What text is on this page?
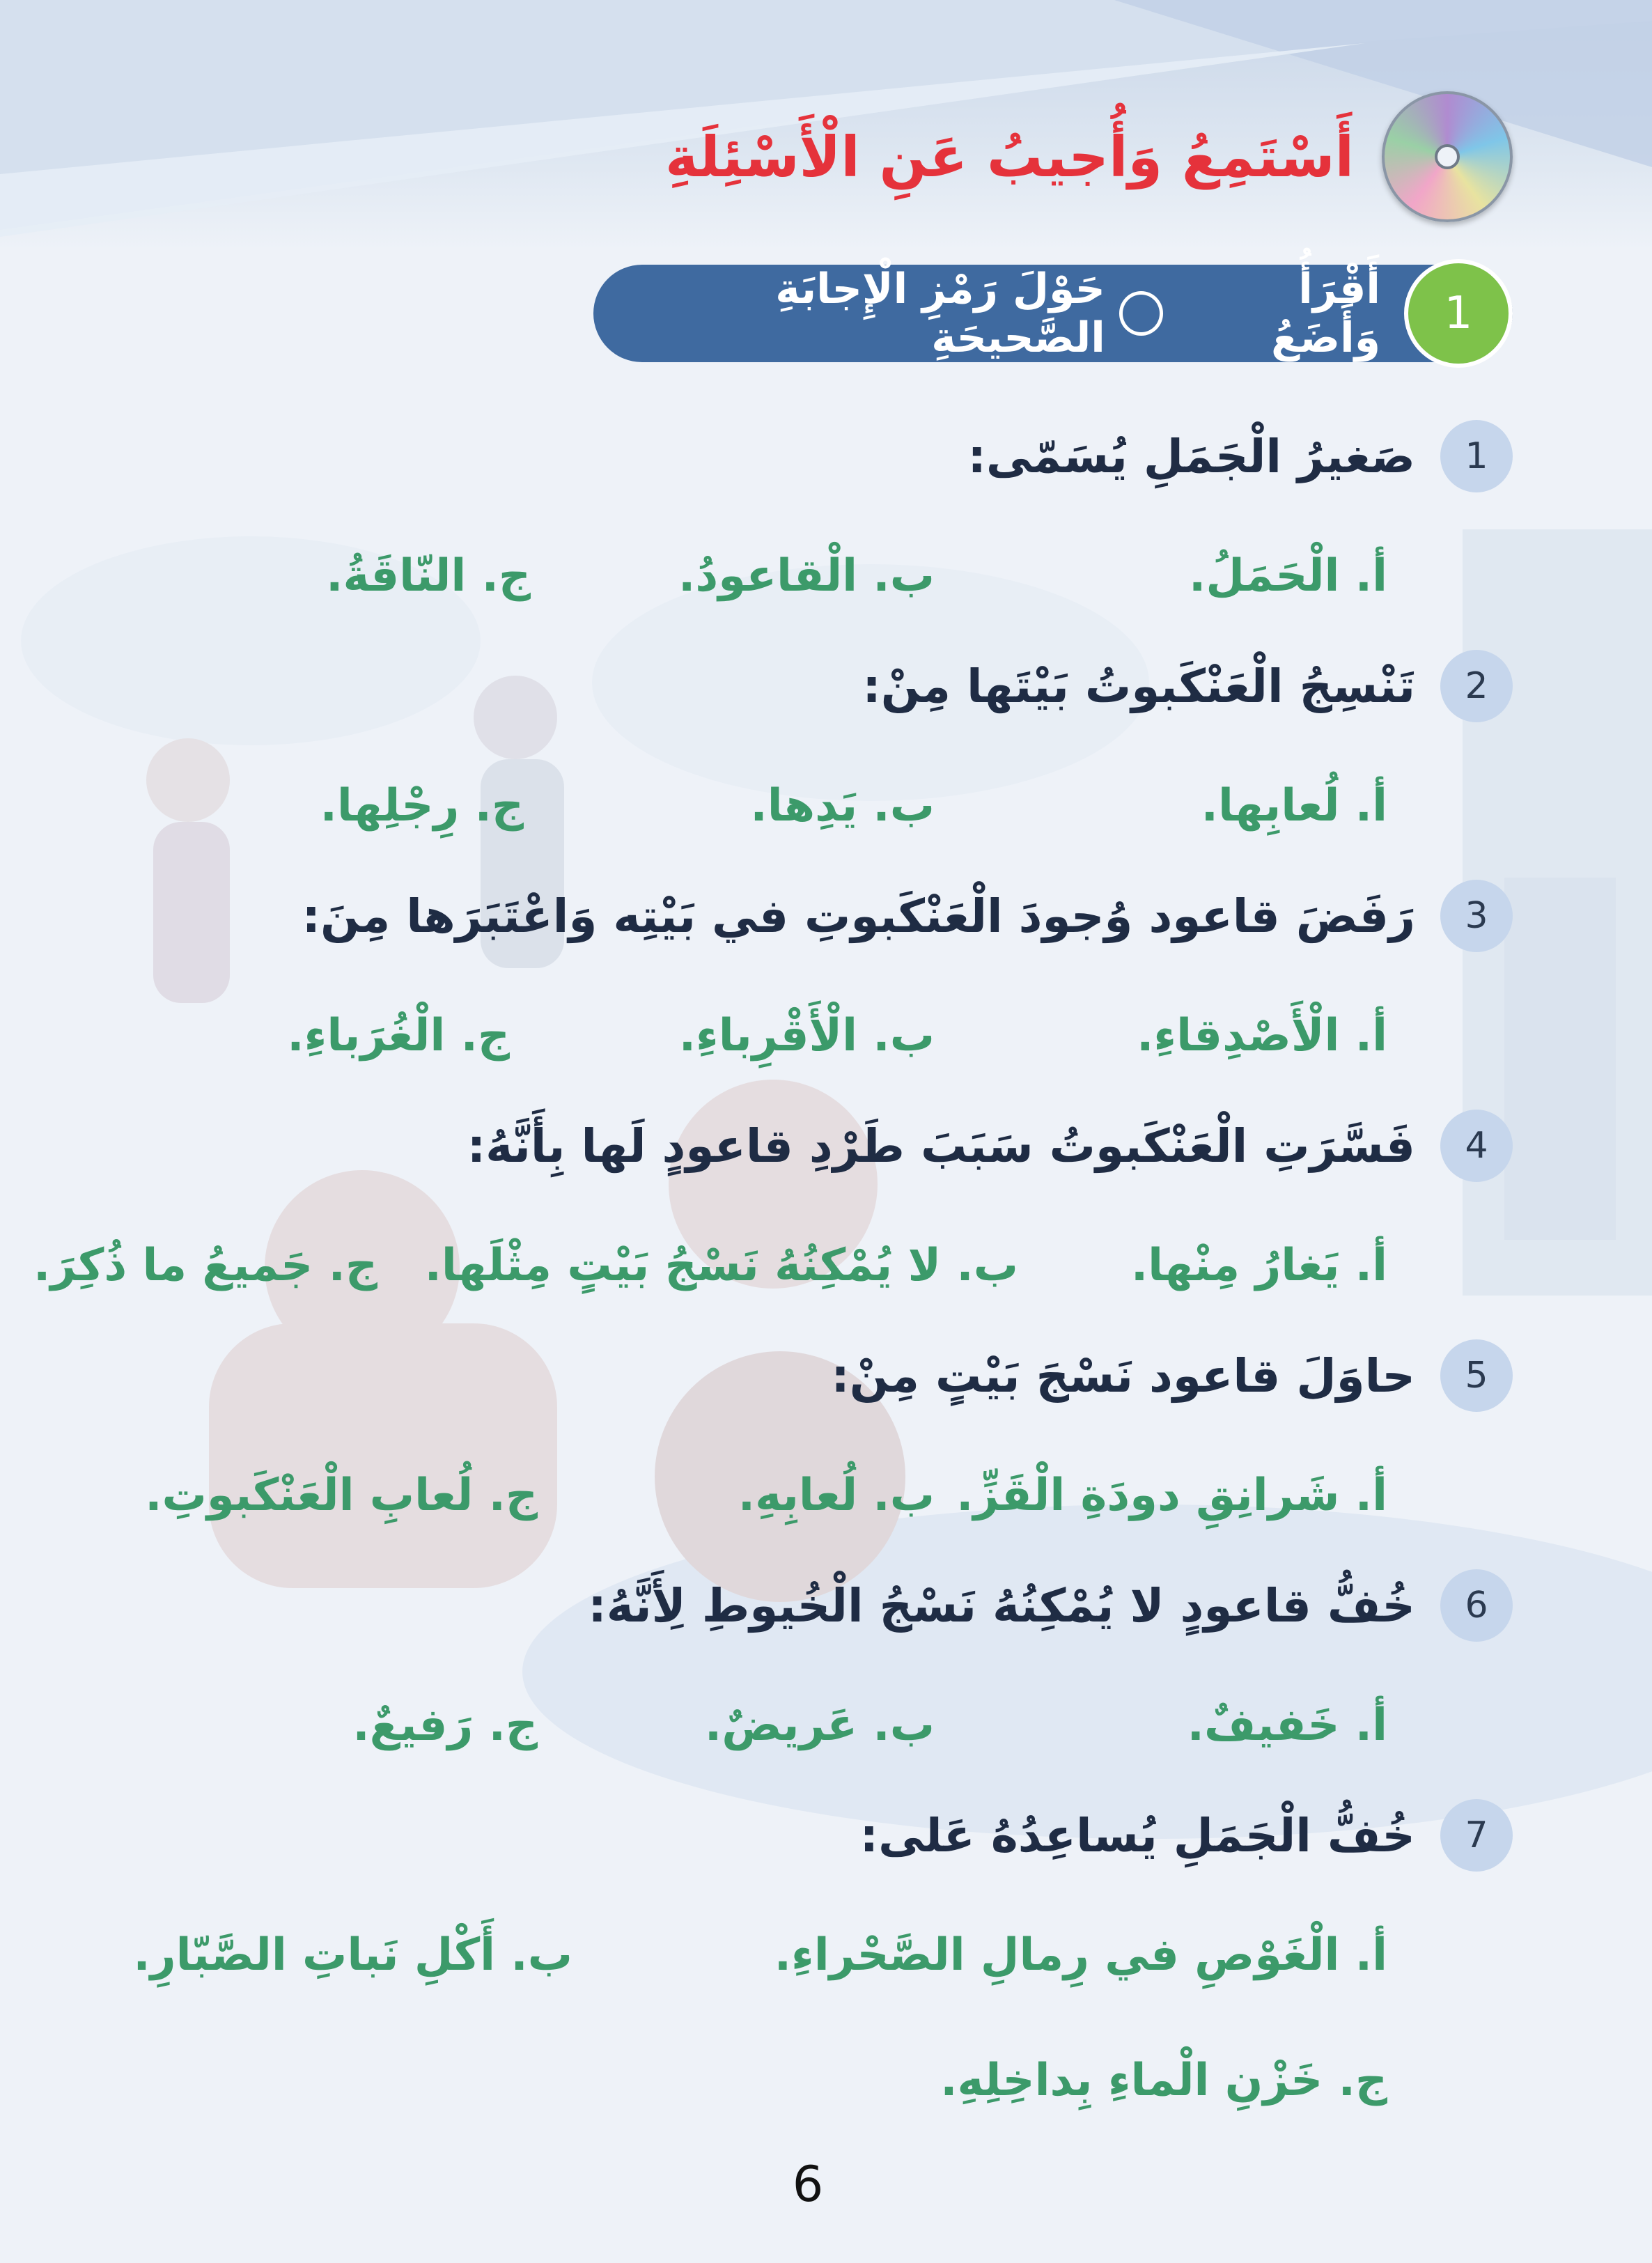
أَسْتَمِعُ وَأُجيبُ عَنِ الْأَسْئِلَةِ
1
أَقْرَأُ وَأَضَعُ
حَوْلَ رَمْزِ الْإِجابَةِ الصَّحيحَةِ
1
صَغيرُ الْجَمَلِ يُسَمّى:
أ. الْحَمَلُ.
ب. الْقاعودُ.
ج. النّاقَةُ.
2
تَنْسِجُ الْعَنْكَبوتُ بَيْتَها مِنْ:
أ. لُعابِها.
ب. يَدِها.
ج. رِجْلِها.
3
رَفَضَ قاعود وُجودَ الْعَنْكَبوتِ في بَيْتِه وَاعْتَبَرَها مِنَ:
أ. الْأَصْدِقاءِ.
ب. الْأَقْرِباءِ.
ج. الْغُرَباءِ.
4
فَسَّرَتِ الْعَنْكَبوتُ سَبَبَ طَرْدِ قاعودٍ لَها بِأَنَّهُ:
أ. يَغارُ مِنْها.
ب. لا يُمْكِنُهُ نَسْجُ بَيْتٍ مِثْلَها.
ج. جَميعُ ما ذُكِرَ.
5
حاوَلَ قاعود نَسْجَ بَيْتٍ مِنْ:
أ. شَرانِقِ دودَةِ الْقَزِّ.
ب. لُعابِهِ.
ج. لُعابِ الْعَنْكَبوتِ.
6
خُفُّ قاعودٍ لا يُمْكِنُهُ نَسْجُ الْخُيوطِ لِأَنَّهُ:
أ. خَفيفٌ.
ب. عَريضٌ.
ج. رَفيعٌ.
7
خُفُّ الْجَمَلِ يُساعِدُهُ عَلى:
أ. الْغَوْصِ في رِمالِ الصَّحْراءِ.
ب. أَكْلِ نَباتِ الصَّبّارِ.
ج. خَزْنِ الْماءِ بِداخِلِهِ.
6
